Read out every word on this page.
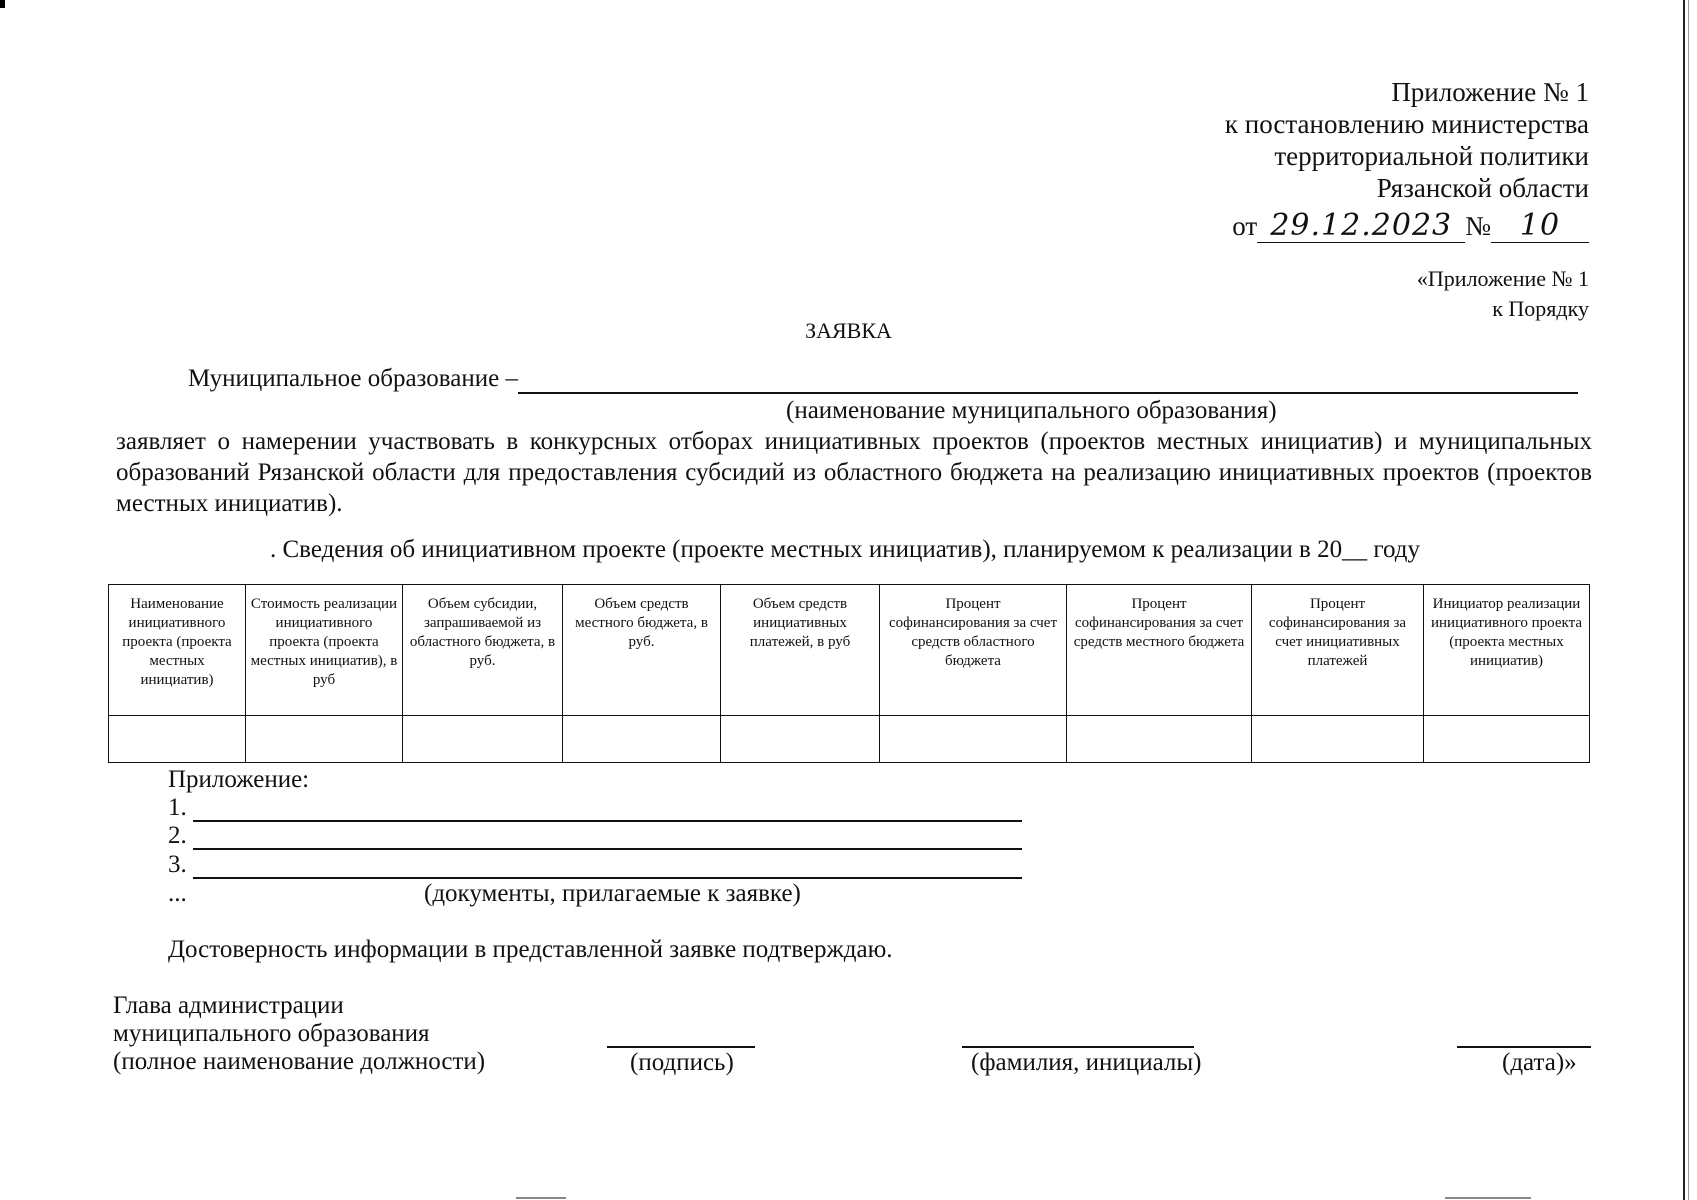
Приложение № 1
к постановлению министерства
территориальной политики
Рязанской области
от 29.12.2023 № 10
«Приложение № 1
к Порядку
ЗАЯВКА
Муниципальное образование –
(наименование муниципального образования)
заявляет о намерении участвовать в конкурсных отборах инициативных проектов (проектов местных инициатив) и муниципальных образований Рязанской области для предоставления субсидий из областного бюджета на реализацию инициативных проектов (проектов местных инициатив).
. Сведения об инициативном проекте (проекте местных инициатив), планируемом к реализации в 20__ году
Наименование инициативного проекта (проекта местных инициатив)	Стоимость реализации инициативного проекта (проекта местных инициатив), в руб	Объем субсидии, запрашиваемой из областного бюджета, в руб.	Объем средств местного бюджета, в руб.	Объем средств инициативных платежей, в руб	Процент софинансирования за счет средств областного бюджета	Процент софинансирования за счет средств местного бюджета	Процент софинансирования за счет инициативных платежей	Инициатор реализации инициативного проекта (проекта местных инициатив)

Приложение:
1.
2.
3.
...	(документы, прилагаемые к заявке)
Достоверность информации в представленной заявке подтверждаю.
Глава администрации
муниципального образования
(полное наименование должности)	(подпись)	(фамилия, инициалы)	(дата)»
